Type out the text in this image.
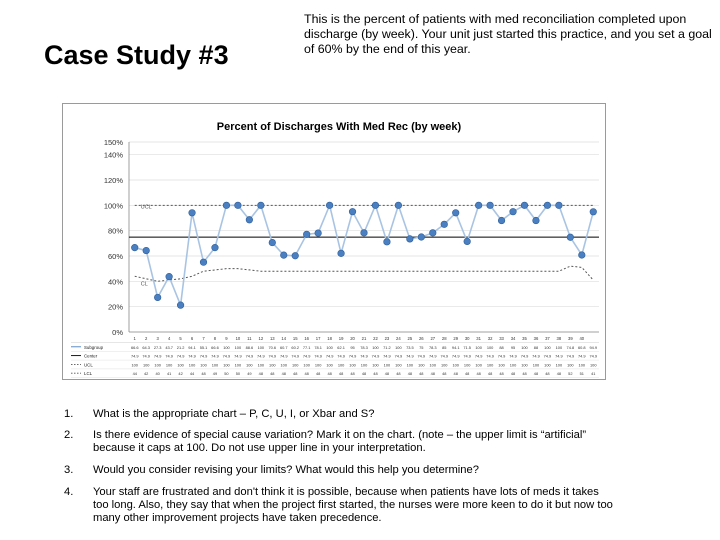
Case Study #3
This is the percent of patients with med reconciliation completed upon discharge (by week). Your unit just started this practice, and you set a goal of 60% by the end of this year.
Percent of Discharges With Med Rec (by week)
0%
20%
40%
60%
80%
100%
120%
140%
150%
UCL
CL
1 2 3 4 5 6 7 8 9 10 11 12 13 14 15 16 17 18 19 20 21 22 23 24 25 26 27 28 29 30 31 32 33 34 35 36 37 38 39 40
Subgroup	66.6 64.3 27.3 43.7 21.2 94.1 55.1 66.6 100 100 88.6 100 70.6 60.7 60.2 77.1 78.1 100 62.1 95 78.3 100 71.2 100 73.5 75 78.3 85 94.1 71.5 100 100 88 95 100 88 100 100 74.8 60.8 94.9
Center	74.9 74.9 74.9 74.9 74.9 74.9 74.9 74.9 74.9 74.9 74.9 74.9 74.9 74.9 74.9 74.9 74.9 74.9 74.9 74.9 74.9 74.9 74.9 74.9 74.9 74.9 74.9 74.9 74.9 74.9 74.9 74.9 74.9 74.9 74.9 74.9 74.9 74.9 74.9 74.9 74.9
UCL	100 100 100 100 100 100 100 100 100 100 100 100 100 100 100 100 100 100 100 100 100 100 100 100 100 100 100 100 100 100 100 100 100 100 100 100 100 100 100 100 100
LCL	44 42 40 41 42 44 48 49 50 50 49 48 48 48 48 48 48 48 48 48 48 48 48 48 48 48 48 48 48 48 48 48 48 48 48 48 48 48 52 51 41
1. What is the appropriate chart – P, C, U, I, or Xbar and S?
2. Is there evidence of special cause variation? Mark it on the chart. (note – the upper limit is “artificial” because it caps at 100. Do not use upper line in your interpretation.
3. Would you consider revising your limits? What would this help you determine?
4. Your staff are frustrated and don't think it is possible, because when patients have lots of meds it takes too long. Also, they say that when the project first started, the nurses were more keen to do it but now too many other improvement projects have taken precedence.
